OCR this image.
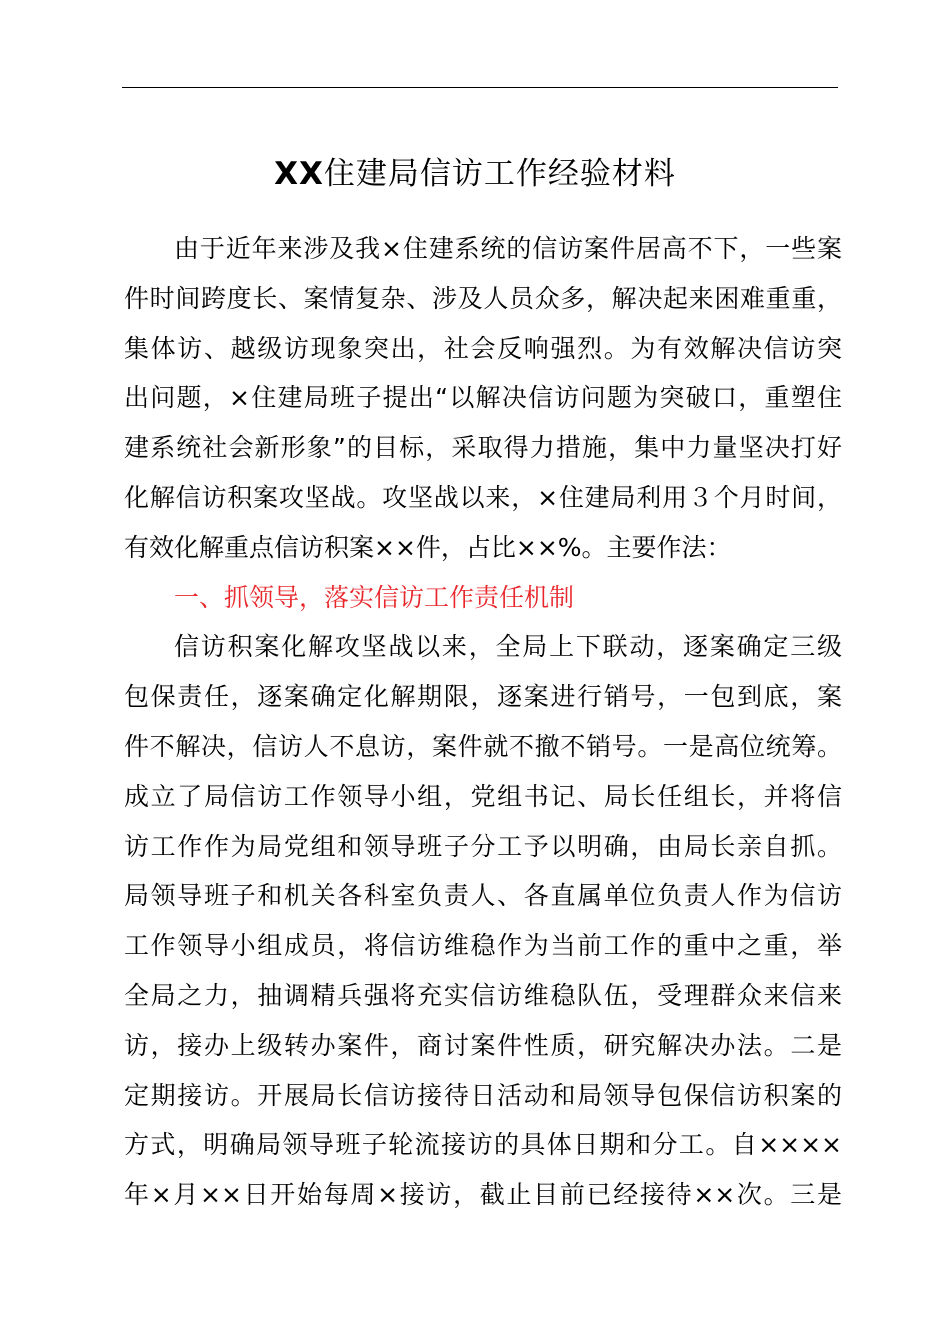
XX住建局信访工作经验材料
由于近年来涉及我×住建系统的信访案件居高不下，一些案
件时间跨度长、案情复杂、涉及人员众多，解决起来困难重重，
集体访、越级访现象突出，社会反响强烈。为有效解决信访突
出问题，×住建局班子提出“以解决信访问题为突破口，重塑住
建系统社会新形象”的目标，采取得力措施，集中力量坚决打好
化解信访积案攻坚战。攻坚战以来，×住建局利用３个月时间，
有效化解重点信访积案××件，占比××%。主要作法：
一、抓领导，落实信访工作责任机制
信访积案化解攻坚战以来，全局上下联动，逐案确定三级
包保责任，逐案确定化解期限，逐案进行销号，一包到底，案
件不解决，信访人不息访，案件就不撤不销号。一是高位统筹。
成立了局信访工作领导小组，党组书记、局长任组长，并将信
访工作作为局党组和领导班子分工予以明确，由局长亲自抓。
局领导班子和机关各科室负责人、各直属单位负责人作为信访
工作领导小组成员，将信访维稳作为当前工作的重中之重，举
全局之力，抽调精兵强将充实信访维稳队伍，受理群众来信来
访，接办上级转办案件，商讨案件性质，研究解决办法。二是
定期接访。开展局长信访接待日活动和局领导包保信访积案的
方式，明确局领导班子轮流接访的具体日期和分工。自××××
年×月××日开始每周×接访，截止目前已经接待××次。三是
